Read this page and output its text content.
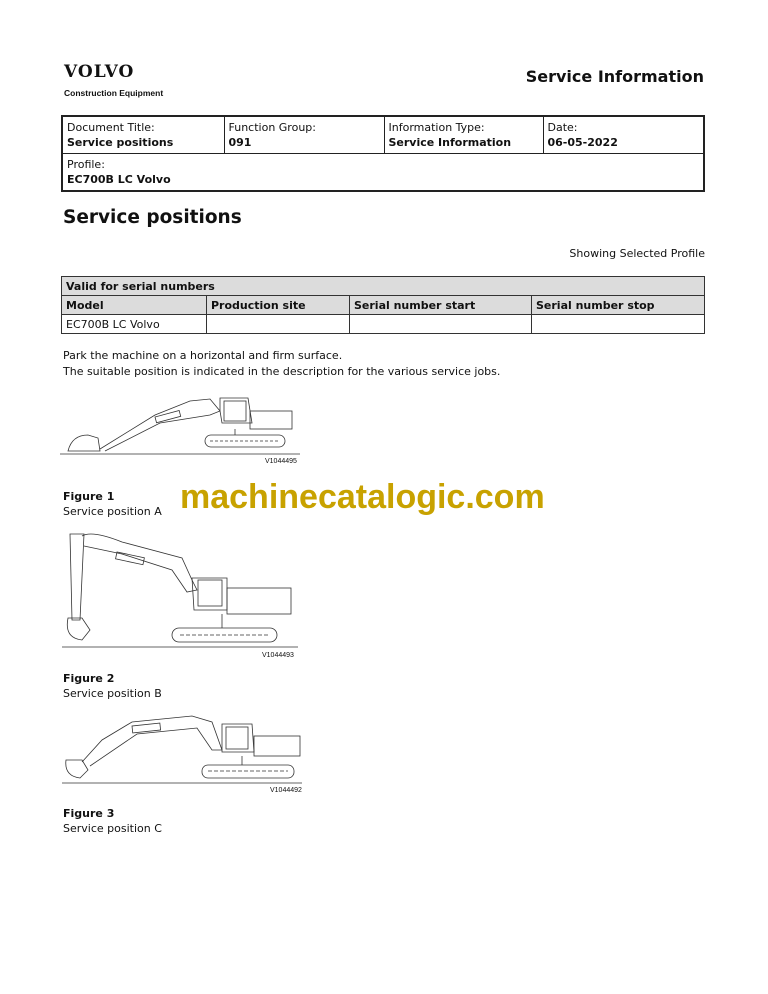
VOLVO
Construction Equipment
Service Information
Document Title:
Service positions	
Function Group:
091	
Information Type:
Service Information	
Date:
06-05-2022

Profile:
EC700B LC Volvo
Service positions
Showing Selected Profile
Valid for serial numbers			
Model	Production site	Serial number start	Serial number stop
EC700B LC Volvo			
Park the machine on a horizontal and firm surface.
The suitable position is indicated in the description for the various service jobs.
V1044495
Figure 1
Service position A machinecatalogic.com
V1044493
Figure 2
Service position B
V1044492
Figure 3
Service position C
